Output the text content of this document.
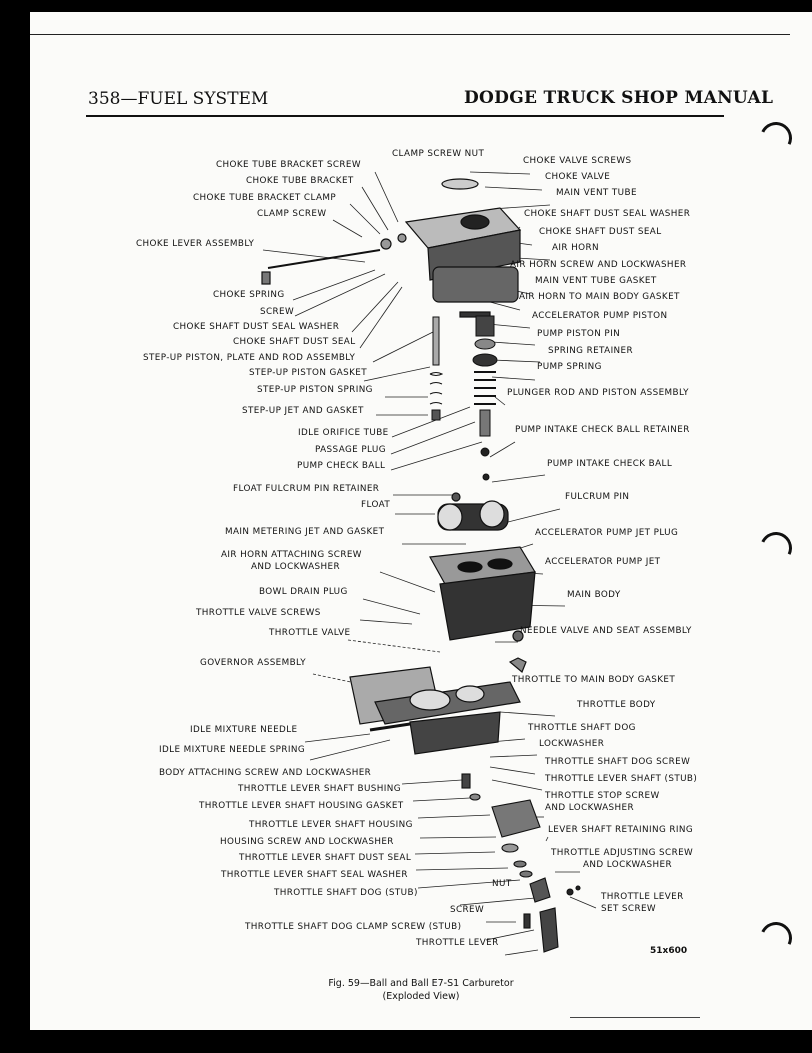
358—FUEL SYSTEM	DODGE TRUCK SHOP MANUAL
CLAMP SCREW NUT
CHOKE TUBE BRACKET SCREW
CHOKE TUBE BRACKET
CHOKE TUBE BRACKET CLAMP
CLAMP SCREW
CHOKE LEVER ASSEMBLY
CHOKE SPRING
SCREW
CHOKE SHAFT DUST SEAL WASHER
CHOKE SHAFT DUST SEAL
STEP-UP PISTON, PLATE AND ROD ASSEMBLY
STEP-UP PISTON GASKET
STEP-UP PISTON SPRING
STEP-UP JET AND GASKET
IDLE ORIFICE TUBE
PASSAGE PLUG
PUMP CHECK BALL
FLOAT FULCRUM PIN RETAINER
FLOAT
MAIN METERING JET AND GASKET
AIR HORN ATTACHING SCREW
AND LOCKWASHER
BOWL DRAIN PLUG
THROTTLE VALVE SCREWS
THROTTLE VALVE
GOVERNOR ASSEMBLY
IDLE MIXTURE NEEDLE
IDLE MIXTURE NEEDLE SPRING
BODY ATTACHING SCREW AND LOCKWASHER
THROTTLE LEVER SHAFT BUSHING
THROTTLE LEVER SHAFT HOUSING GASKET
THROTTLE LEVER SHAFT HOUSING
HOUSING SCREW AND LOCKWASHER
THROTTLE LEVER SHAFT DUST SEAL
THROTTLE LEVER SHAFT SEAL WASHER
THROTTLE SHAFT DOG (STUB)
SCREW
THROTTLE SHAFT DOG CLAMP SCREW (STUB)
THROTTLE LEVER
CHOKE VALVE SCREWS
CHOKE VALVE
MAIN VENT TUBE
CHOKE SHAFT DUST SEAL WASHER
CHOKE SHAFT DUST SEAL
AIR HORN
AIR HORN SCREW AND LOCKWASHER
MAIN VENT TUBE GASKET
AIR HORN TO MAIN BODY GASKET
ACCELERATOR PUMP PISTON
PUMP PISTON PIN
SPRING RETAINER
PUMP SPRING
PLUNGER ROD AND PISTON ASSEMBLY
PUMP INTAKE CHECK BALL RETAINER
PUMP INTAKE CHECK BALL
FULCRUM PIN
ACCELERATOR PUMP JET PLUG
ACCELERATOR PUMP JET
MAIN BODY
NEEDLE VALVE AND SEAT ASSEMBLY
THROTTLE TO MAIN BODY GASKET
THROTTLE BODY
THROTTLE SHAFT DOG
LOCKWASHER
THROTTLE SHAFT DOG SCREW
THROTTLE LEVER SHAFT (STUB)
THROTTLE STOP SCREW
AND LOCKWASHER
LEVER SHAFT RETAINING RING
THROTTLE ADJUSTING SCREW
AND LOCKWASHER
NUT
THROTTLE LEVER
SET SCREW
51x600
Fig. 59—Ball and Ball E7-S1 Carburetor
(Exploded View)
